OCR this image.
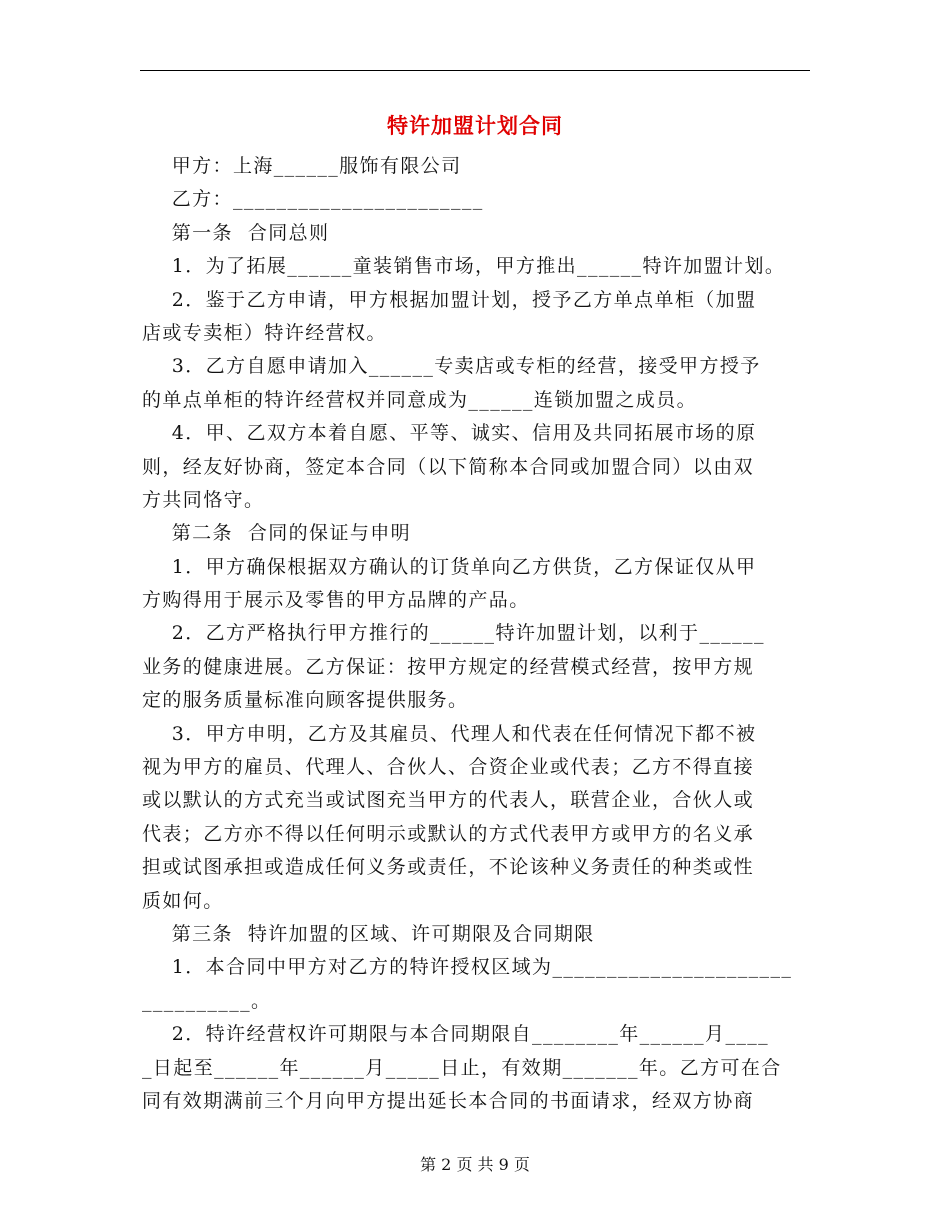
特许加盟计划合同
甲方：上海______服饰有限公司
乙方：_______________________
第一条  合同总则
1．为了拓展______童装销售市场，甲方推出______特许加盟计划。
2．鉴于乙方申请，甲方根据加盟计划，授予乙方单点单柜（加盟
店或专卖柜）特许经营权。
3．乙方自愿申请加入______专卖店或专柜的经营，接受甲方授予
的单点单柜的特许经营权并同意成为______连锁加盟之成员。
4．甲、乙双方本着自愿、平等、诚实、信用及共同拓展市场的原
则，经友好协商，签定本合同（以下简称本合同或加盟合同）以由双
方共同恪守。
第二条  合同的保证与申明
1．甲方确保根据双方确认的订货单向乙方供货，乙方保证仅从甲
方购得用于展示及零售的甲方品牌的产品。
2．乙方严格执行甲方推行的______特许加盟计划，以利于______
业务的健康进展。乙方保证：按甲方规定的经营模式经营，按甲方规
定的服务质量标准向顾客提供服务。
3．甲方申明，乙方及其雇员、代理人和代表在任何情况下都不被
视为甲方的雇员、代理人、合伙人、合资企业或代表；乙方不得直接
或以默认的方式充当或试图充当甲方的代表人，联营企业，合伙人或
代表；乙方亦不得以任何明示或默认的方式代表甲方或甲方的名义承
担或试图承担或造成任何义务或责任，不论该种义务责任的种类或性
质如何。
第三条  特许加盟的区域、许可期限及合同期限
1．本合同中甲方对乙方的特许授权区域为______________________
__________。
2．特许经营权许可期限与本合同期限自________年______月____
_日起至______年______月_____日止，有效期_______年。乙方可在合
同有效期满前三个月向甲方提出延长本合同的书面请求，经双方协商
第 2 页 共 9 页
